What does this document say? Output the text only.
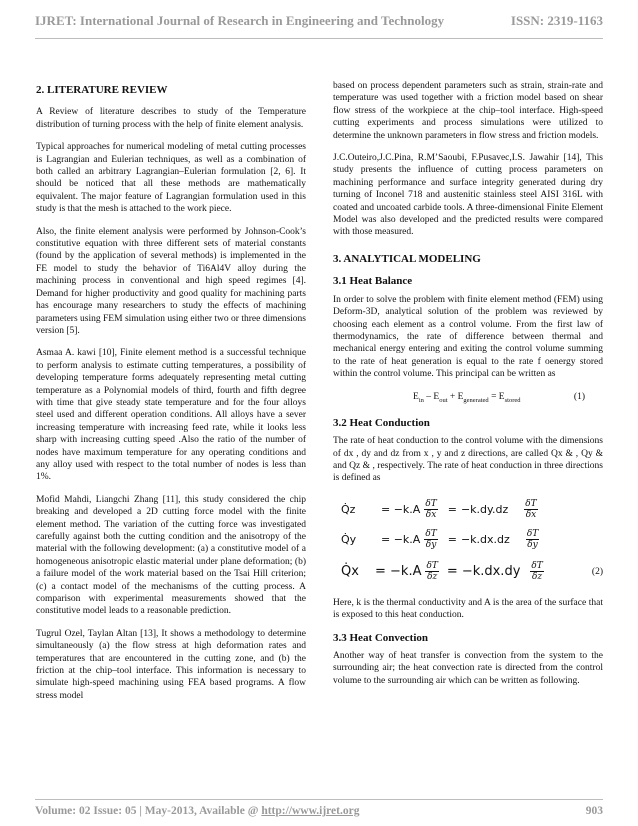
IJRET: International Journal of Research in Engineering and Technology	ISSN: 2319-1163
2. LITERATURE REVIEW

A Review of literature describes to study of the Temperature distribution of turning process with the help of finite element analysis.

Typical approaches for numerical modeling of metal cutting processes is Lagrangian and Eulerian techniques, as well as a combination of both called an arbitrary Lagrangian–Eulerian formulation [2, 6]. It should be noticed that all these methods are mathematically equivalent. The major feature of Lagrangian formulation used in this study is that the mesh is attached to the work piece.

Also, the finite element analysis were performed by Johnson-Cook’s constitutive equation with three different sets of material constants (found by the application of several methods) is implemented in the FE model to study the behavior of Ti6Al4V alloy during the machining process in conventional and high speed regimes [4]. Demand for higher productivity and good quality for machining parts has encourage many researchers to study the effects of machining parameters using FEM simulation using either two or three dimensions version [5].

Asmaa A. kawi [10], Finite element method is a successful technique to perform analysis to estimate cutting temperatures, a possibility of developing temperature forms adequately representing metal cutting temperature as a Polynomial models of third, fourth and fifth degree with time that give steady state temperature and for the four alloys steel used and different operation conditions. All alloys have a sever increasing temperature with increasing feed rate, while it looks less sharp with increasing cutting speed .Also the ratio of the number of nodes have maximum temperature for any operating conditions and any alloy used with respect to the total number of nodes is less than 1%.

Mofid Mahdi, Liangchi Zhang [11], this study considered the chip breaking and developed a 2D cutting force model with the finite element method. The variation of the cutting force was investigated carefully against both the cutting condition and the anisotropy of the material with the following development: (a) a constitutive model of a homogeneous anisotropic elastic material under plane deformation; (b) a failure model of the work material based on the Tsai Hill criterion; (c) a contact model of the mechanisms of the cutting process. A comparison with experimental measurements showed that the constitutive model leads to a reasonable prediction.

Tugrul Ozel, Taylan Altan [13], It shows a methodology to determine simultaneously (a) the flow stress at high deformation rates and temperatures that are encountered in the cutting zone, and (b) the friction at the chip–tool interface. This information is necessary to simulate high-speed machining using FEA based programs. A flow stress model

based on process dependent parameters such as strain, strain-rate and temperature was used together with a friction model based on shear flow stress of the workpiece at the chip–tool interface. High-speed cutting experiments and process simulations were utilized to determine the unknown parameters in flow stress and friction models.

J.C.Outeiro,J.C.Pina, R.M’Saoubi, F.Pusavec,I.S. Jawahir [14], This study presents the influence of cutting process parameters on machining performance and surface integrity generated during dry turning of Inconel 718 and austenitic stainless steel AISI 316L with coated and uncoated carbide tools. A three-dimensional Finite Element Model was also developed and the predicted results were compared with those measured.

3. ANALYTICAL MODELING
3.1 Heat Balance

In order to solve the problem with finite element method (FEM) using Deform-3D, analytical solution of the problem was reviewed by choosing each element as a control volume. From the first law of thermodynamics, the rate of difference between thermal and mechanical energy entering and exiting the control volume summing to the rate of heat generation is equal to the rate f oenergy stored within the control volume. This principal can be written as

$E_{in} - E_{out} + E_{generated} = E_{stored}$	(1)
3.2 Heat Conduction

The rate of heat conduction to the control volume with the dimensions of dx , dy and dz from x , y and z directions, are called Qx & , Qy & and Qz & , respectively. The rate of heat conduction in three directions is defined as

Q̇z	= $-k.A \frac{\delta T}{\delta x} = -k.dy.dz \frac{\delta T}{\delta x}$
Q̇y	= $-k.A \frac{\delta T}{\delta y} = -k.dx.dz \frac{\delta T}{\delta y}$
Q̇x	= $-k.A \frac{\delta T}{\delta z} = -k.dx.dy \frac{\delta T}{\delta z}$	(2)

Here, k is the thermal conductivity and A is the area of the surface that is exposed to this heat conduction.

3.3 Heat Convection

Another way of heat transfer is convection from the system to the surrounding air; the heat convection rate is directed from the control volume to the surrounding air which can be written as following.

Volume: 02 Issue: 05 | May-2013, Available @ http://www.ijret.org	903
